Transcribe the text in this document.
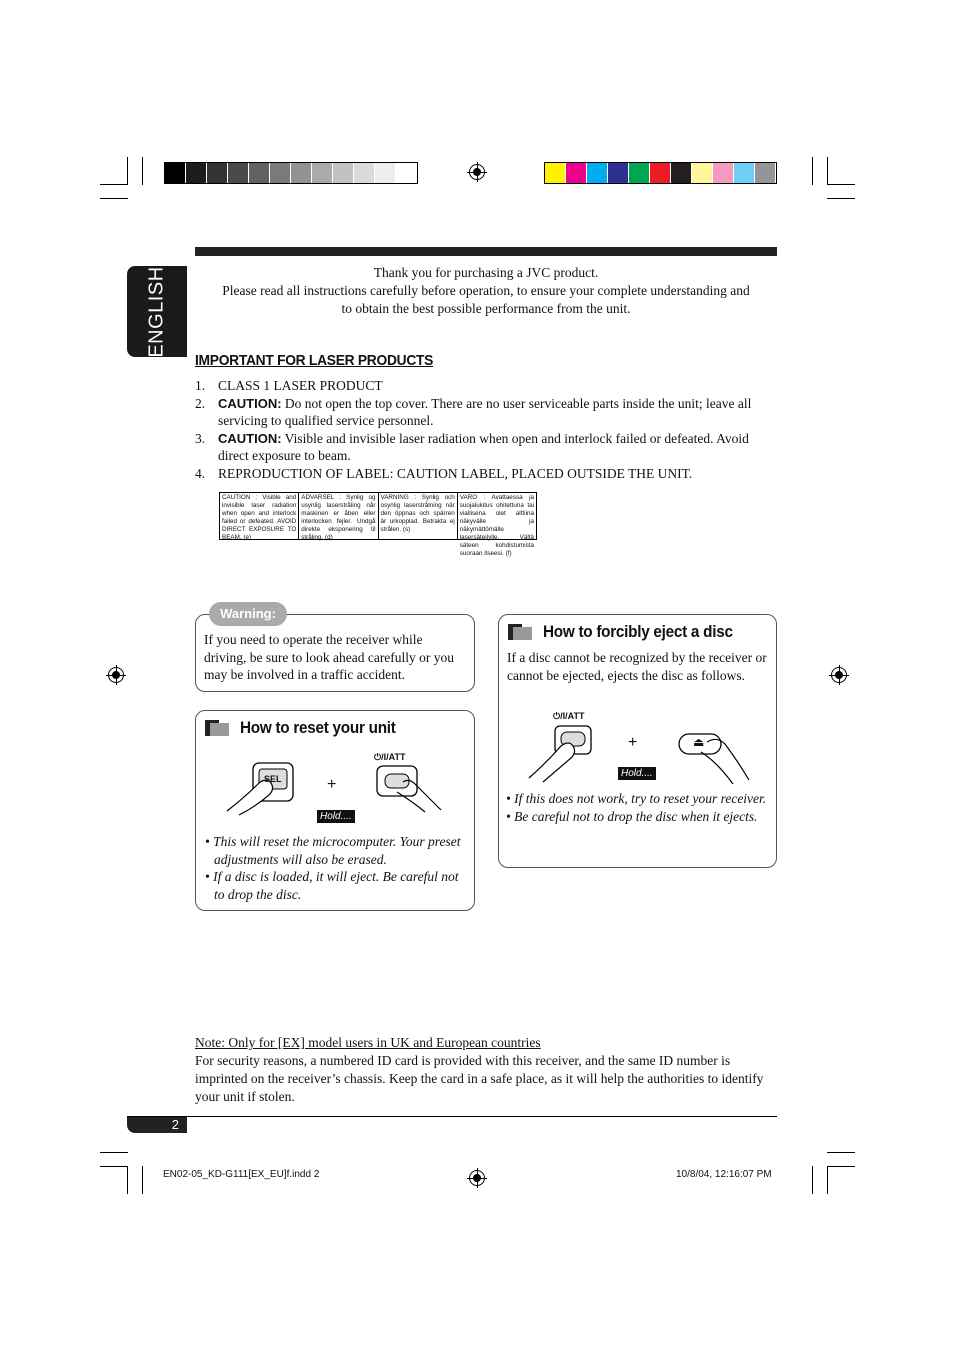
ENGLISH	Thank you for purchasing a JVC product.
Please read all instructions carefully before operation, to ensure your complete understanding and
to obtain the best possible performance from the unit.
IMPORTANT FOR LASER PRODUCTS
1. CLASS 1 LASER PRODUCT
2. CAUTION: Do not open the top cover. There are no user serviceable parts inside the unit; leave all servicing to qualified service personnel.
3. CAUTION: Visible and invisible laser radiation when open and interlock failed or defeated. Avoid direct exposure to beam.
4. REPRODUCTION OF LABEL: CAUTION LABEL, PLACED OUTSIDE THE UNIT.
CAUTION : Visible and invisible laser radiation when open and interlock failed or defeated. AVOID DIRECT EXPOSURE TO BEAM. (e)
ADVARSEL : Synlig og usynlig laserstråling når maskinen er åben eller interlocken fejler. Undgå direkte eksponering til stråling. (d)
VARNING : Synlig och osynlig laserstrålning när den öppnas och spärren är urkopplad. Betrakta ej strålen. (s)
VARO : Avattaessa ja suojalukitus ohitettuna tai viallisena olet alttiina näkyvälle ja näkymättömälle lasersäteilylle. Vältä säteen kohdistumista suoraan itseesi. (f)
Warning:
If you need to operate the receiver while driving, be sure to look ahead carefully or you may be involved in a traffic accident.
How to reset your unit
SEL	+
⏻/I/ATT
Hold....

• This will reset the microcomputer. Your preset adjustments will also be erased.

• If a disc is loaded, it will eject. Be careful not to drop the disc.

How to forcibly eject a disc
If a disc cannot be recognized by the receiver or cannot be ejected, ejects the disc as follows.
⏻/I/ATT
+	⏏
Hold....

• If this does not work, try to reset your receiver.

• Be careful not to drop the disc when it ejects.

Note: Only for [EX] model users in UK and European countries
For security reasons, a numbered ID card is provided with this receiver, and the same ID number is imprinted on the receiver’s chassis. Keep the card in a safe place, as it will help the authorities to identify your unit if stolen.
2
EN02-05_KD-G111[EX_EU]f.indd 2	10/8/04, 12:16:07 PM
